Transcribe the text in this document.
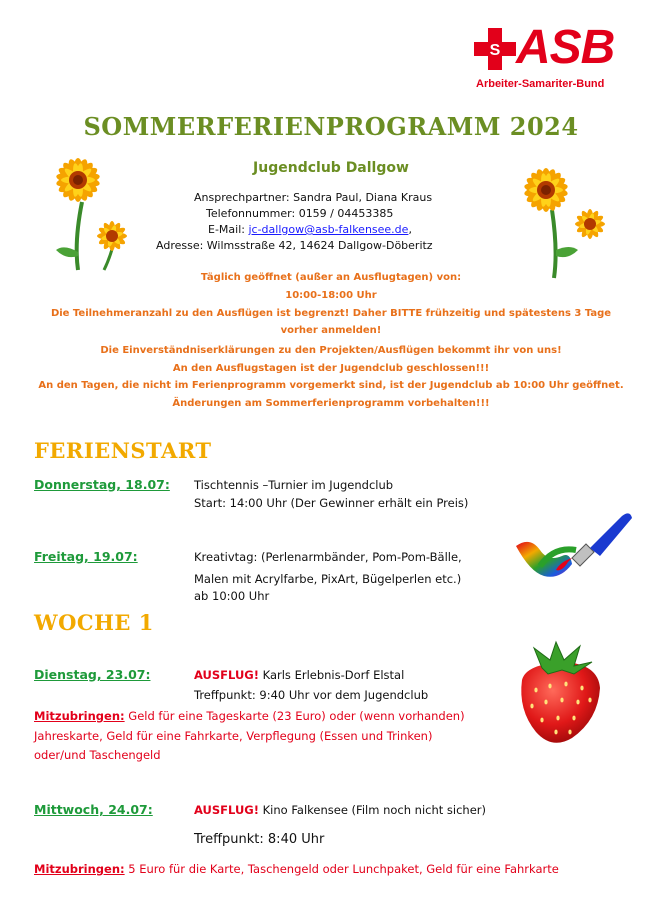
S ASB
Arbeiter-Samariter-Bund
SOMMERFERIENPROGRAMM 2024
Jugendclub Dallgow
Ansprechpartner: Sandra Paul, Diana Kraus
Telefonnummer: 0159 / 04453385
E-Mail: jc-dallgow@asb-falkensee.de,
Adresse: Wilmsstraße 42, 14624 Dallgow-Döberitz
Täglich geöffnet (außer an Ausflugtagen) von:
10:00-18:00 Uhr
Die Teilnehmeranzahl zu den Ausflügen ist begrenzt! Daher BITTE frühzeitig und spätestens 3 Tage
vorher anmelden!
Die Einverständniserklärungen zu den Projekten/Ausflügen bekommt ihr von uns!
An den Ausflugstagen ist der Jugendclub geschlossen!!!
An den Tagen, die nicht im Ferienprogramm vorgemerkt sind, ist der Jugendclub ab 10:00 Uhr geöffnet.
Änderungen am Sommerferienprogramm vorbehalten!!!
FERIENSTART
Donnerstag, 18.07: Tischtennis –Turnier im Jugendclub
Start: 14:00 Uhr (Der Gewinner erhält ein Preis)
Freitag, 19.07:	Kreativtag: (Perlenarmbänder, Pom-Pom-Bälle,
Malen mit Acrylfarbe, PixArt, Bügelperlen etc.)
ab 10:00 Uhr
WOCHE 1
Dienstag, 23.07:	AUSFLUG! Karls Erlebnis-Dorf Elstal
Treffpunkt: 9:40 Uhr vor dem Jugendclub
Mitzubringen: Geld für eine Tageskarte (23 Euro) oder (wenn vorhanden)
Jahreskarte, Geld für eine Fahrkarte, Verpflegung (Essen und Trinken)
oder/und Taschengeld
Mittwoch, 24.07:	AUSFLUG! Kino Falkensee (Film noch nicht sicher)
Treffpunkt: 8:40 Uhr
Mitzubringen: 5 Euro für die Karte, Taschengeld oder Lunchpaket, Geld für eine Fahrkarte
